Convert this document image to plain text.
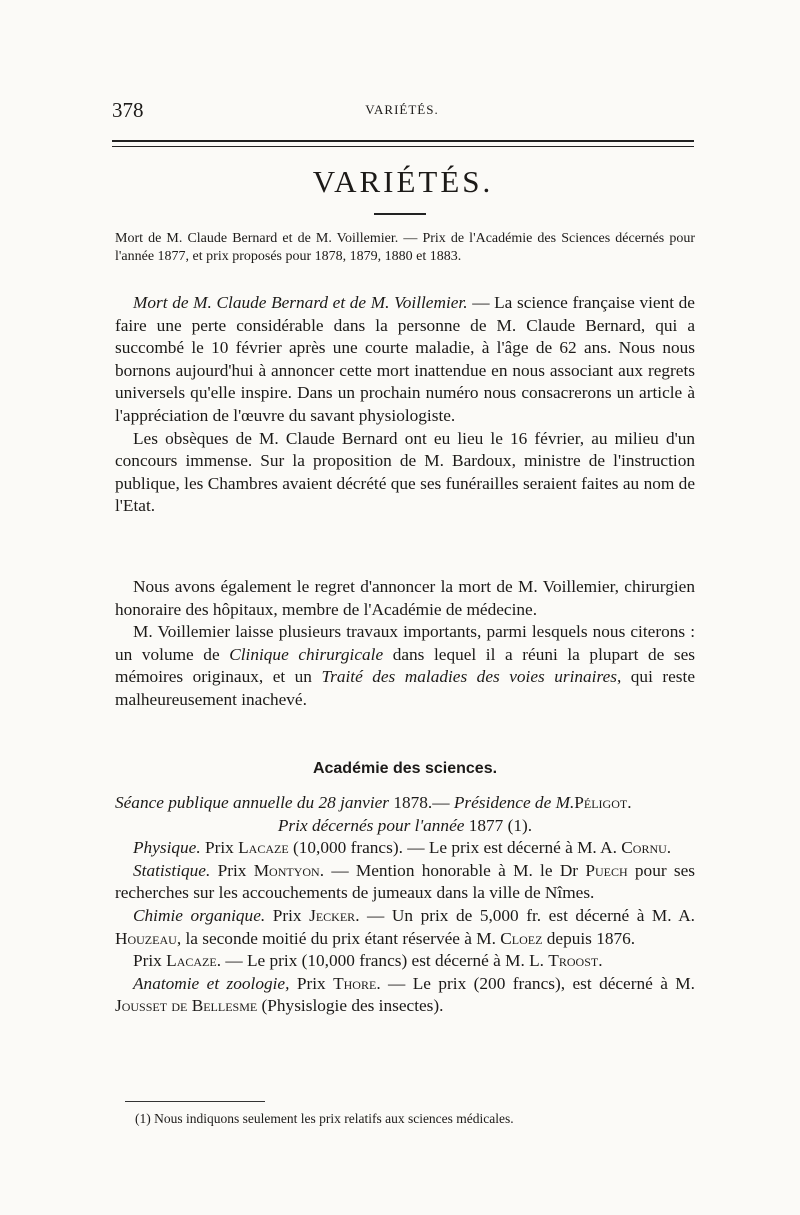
378	VARIÉTÉS.
VARIÉTÉS.
Mort de M. Claude Bernard et de M. Voillemier. — Prix de l'Académie des Sciences décernés pour l'année 1877, et prix proposés pour 1878, 1879, 1880 et 1883.

Mort de M. Claude Bernard et de M. Voillemier. — La science française vient de faire une perte considérable dans la personne de M. Claude Bernard, qui a succombé le 10 février après une courte maladie, à l'âge de 62 ans. Nous nous bornons aujourd'hui à annoncer cette mort inattendue en nous associant aux regrets universels qu'elle inspire. Dans un prochain numéro nous consacrerons un article à l'appréciation de l'œuvre du savant physiologiste.

Les obsèques de M. Claude Bernard ont eu lieu le 16 février, au milieu d'un concours immense. Sur la proposition de M. Bardoux, ministre de l'instruction publique, les Chambres avaient décrété que ses funérailles seraient faites au nom de l'Etat.

Nous avons également le regret d'annoncer la mort de M. Voillemier, chirurgien honoraire des hôpitaux, membre de l'Académie de médecine.

M. Voillemier laisse plusieurs travaux importants, parmi lesquels nous citerons : un volume de Clinique chirurgicale dans lequel il a réuni la plupart de ses mémoires originaux, et un Traité des maladies des voies urinaires, qui reste malheureusement inachevé.

Académie des sciences.

Séance publique annuelle du 28 janvier 1878.— Présidence de M.Péligot.

Prix décernés pour l'année 1877 (1).

Physique. Prix Lacaze (10,000 francs). — Le prix est décerné à M. A. Cornu.

Statistique. Prix Montyon. — Mention honorable à M. le Dr Puech pour ses recherches sur les accouchements de jumeaux dans la ville de Nîmes.

Chimie organique. Prix Jecker. — Un prix de 5,000 fr. est décerné à M. A. Houzeau, la seconde moitié du prix étant réservée à M. Cloez depuis 1876.

Prix Lacaze. — Le prix (10,000 francs) est décerné à M. L. Troost.

Anatomie et zoologie, Prix Thore. — Le prix (200 francs), est décerné à M. Jousset de Bellesme (Physislogie des insectes).

(1) Nous indiquons seulement les prix relatifs aux sciences médicales.
